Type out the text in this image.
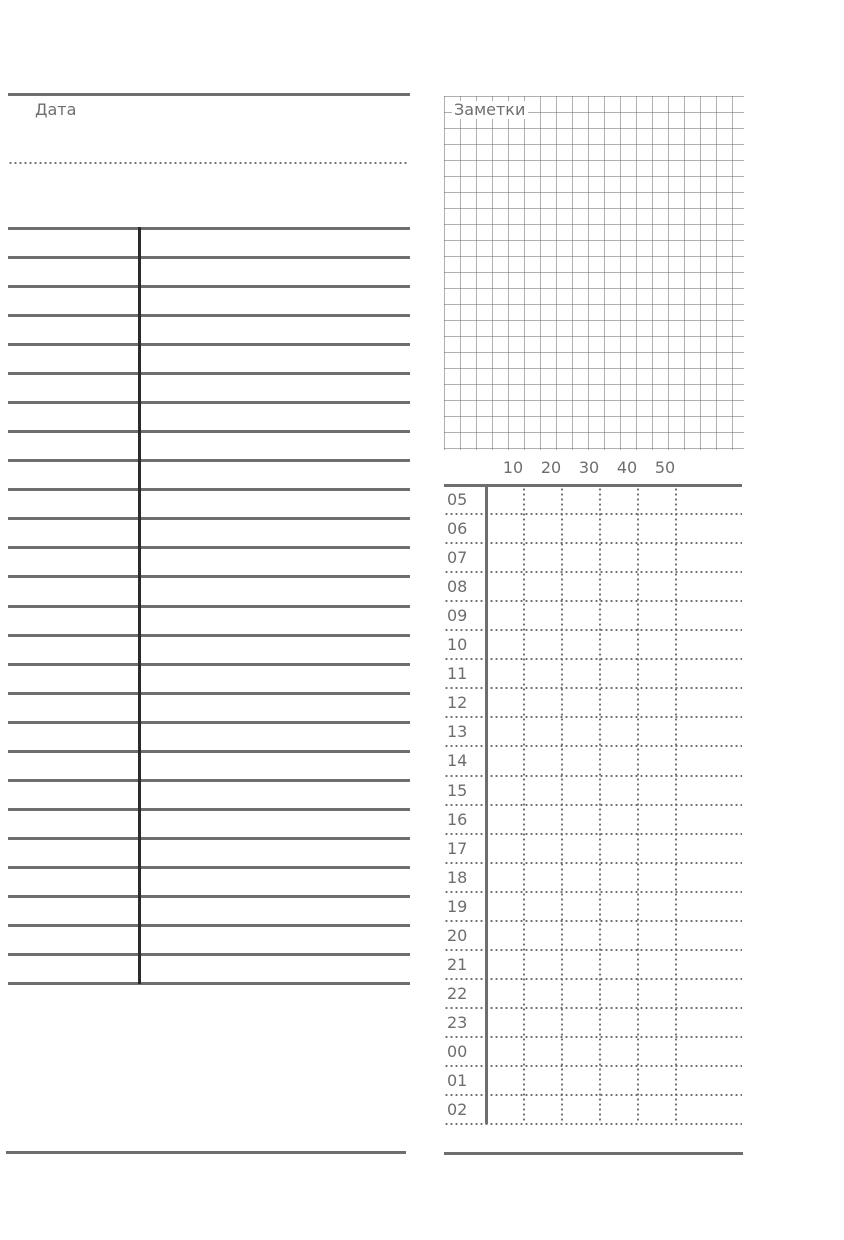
Дата	Заметки
10 20 30 40 50
05
06
07
08
09
10
11
12
13
14
15
16
17
18
19
20
21
22
23
00
01
02
